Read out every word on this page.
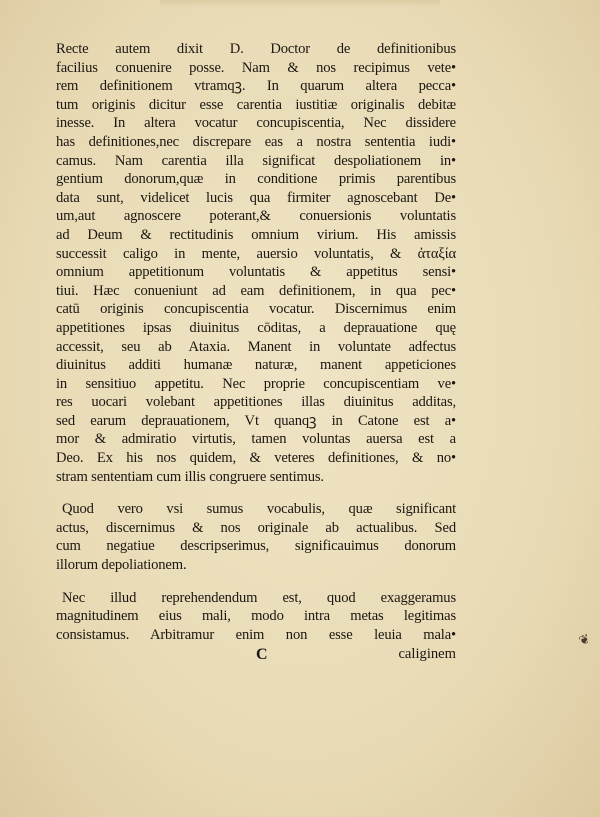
Recte autem dixit D. Doctor de definitionibus
facilius conuenire posse. Nam & nos recipimus vete•
rem definitionem vtramqꝫ. In quarum altera pecca•
tum originis dicitur esse carentia iustitiæ originalis debitæ
inesse. In altera vocatur concupiscentia, Nec dissidere
has definitiones,nec discrepare eas a nostra sententia iudi•
camus. Nam carentia illa significat despoliationem in•
gentium donorum,quæ in conditione primis parentibus
data sunt, videlicet lucis qua firmiter agnoscebant De•
um,aut agnoscere poterant,& conuersionis voluntatis
ad Deum & rectitudinis omnium virium. His amissis
successit caligo in mente, auersio voluntatis, & ἀταξία
omnium appetitionum voluntatis & appetitus sensi•
tiui. Hæc conueniunt ad eam definitionem, in qua pec•
catū originis concupiscentia vocatur. Discernimus enim
appetitiones ipsas diuinitus cōditas, a deprauatione quę
accessit, seu ab Ataxia. Manent in voluntate adfectus
diuinitus additi humanæ naturæ, manent appeticiones
in sensitiuo appetitu. Nec proprie concupiscentiam ve•
res uocari volebant appetitiones illas diuinitus additas,
sed earum deprauationem, Vt quanqꝫ in Catone est a•
mor & admiratio virtutis, tamen voluntas auersa est a
Deo. Ex his nos quidem, & veteres definitiones, & no•
stram sententiam cum illis congruere sentimus.
Quod vero vsi sumus vocabulis, quæ significant
actus, discernimus & nos originale ab actualibus. Sed
cum negatiue descripserimus, significauimus donorum
illorum depoliationem.
Nec illud reprehendendum est, quod exaggeramus
magnitudinem eius mali, modo intra metas legitimas
consistamus. Arbitramur enim non esse leuia mala•
C	caliginem
❦
